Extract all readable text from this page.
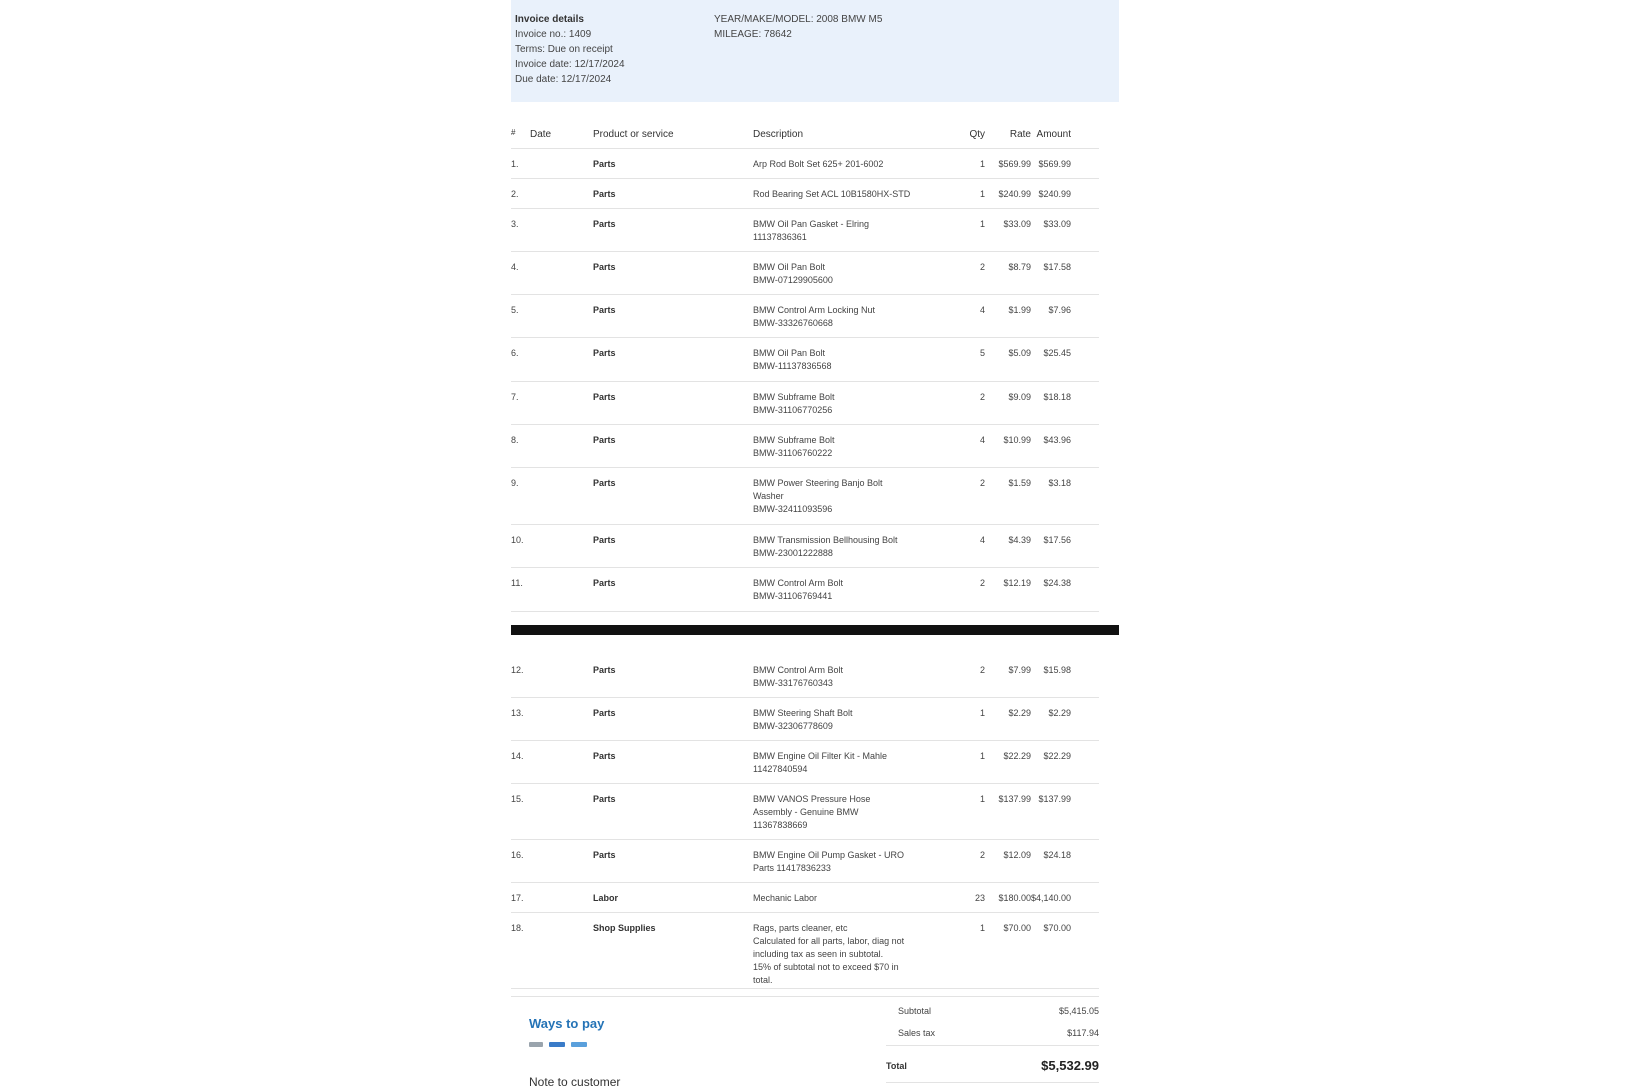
Invoice details
Invoice no.: 1409
Terms: Due on receipt
Invoice date: 12/17/2024
Due date: 12/17/2024
YEAR/MAKE/MODEL: 2008 BMW M5
MILEAGE: 78642
# Date	Product or service	Description	Qty	Rate Amount
1.	Parts	Arp Rod Bolt Set 625+ 201-6002	1	$569.99 $569.99
2.	Parts	Rod Bearing Set ACL 10B1580HX-STD	1	$240.99 $240.99
3.	Parts	BMW Oil Pan Gasket - Elring
11137836361
1	$33.09	$33.09
4.	Parts	BMW Oil Pan Bolt
BMW-07129905600
2	$8.79	$17.58
5.	Parts	BMW Control Arm Locking Nut
BMW-33326760668
4	$1.99	$7.96
6.	Parts	BMW Oil Pan Bolt
BMW-11137836568
5	$5.09	$25.45
7.	Parts	BMW Subframe Bolt
BMW-31106770256
2	$9.09	$18.18
8.	Parts	BMW Subframe Bolt
BMW-31106760222
4	$10.99	$43.96
9.	Parts	BMW Power Steering Banjo Bolt
Washer
BMW-32411093596
2	$1.59	$3.18
10.	Parts	BMW Transmission Bellhousing Bolt
BMW-23001222888
4	$4.39	$17.56
11.	Parts	BMW Control Arm Bolt
BMW-31106769441
2	$12.19	$24.38
12.	Parts	BMW Control Arm Bolt
BMW-33176760343
2	$7.99	$15.98
13.	Parts	BMW Steering Shaft Bolt
BMW-32306778609
1	$2.29	$2.29
14.	Parts	BMW Engine Oil Filter Kit - Mahle
11427840594
1	$22.29	$22.29
15.	Parts	BMW VANOS Pressure Hose
Assembly - Genuine BMW
11367838669
1	$137.99 $137.99
16.	Parts	BMW Engine Oil Pump Gasket - URO
Parts 11417836233
2	$12.09	$24.18
17.	Labor	Mechanic Labor	23	$180.00 $4,140.00
18.	Shop Supplies	Rags, parts cleaner, etc
Calculated for all parts, labor, diag not
including tax as seen in subtotal.
15% of subtotal not to exceed $70 in
total.
1	$70.00	$70.00
Subtotal	$5,415.05
Sales tax	$117.94
Total	$5,532.99
Ways to pay
Note to customer
